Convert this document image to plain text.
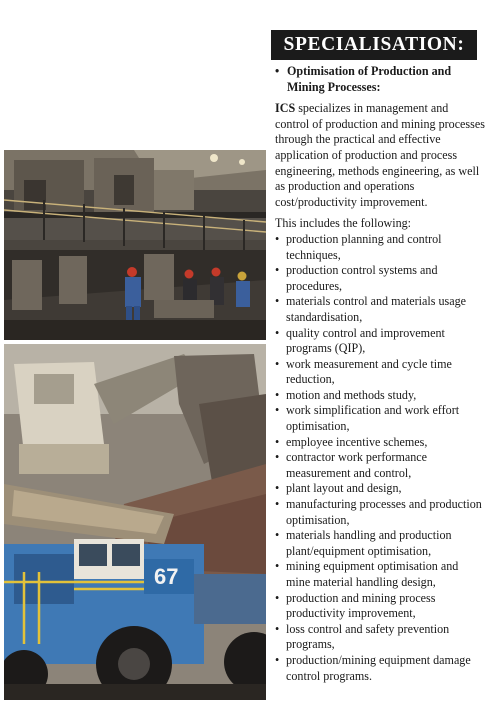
67
SPECIALISATION:
• Optimisation of Production and Mining Processes:
ICS specializes in management and control of production and mining processes through the practical and effective application of production and process engineering, methods engineering, as well as production and operations cost/productivity improvement.
This includes the following:
• production planning and control techniques,
• production control systems and procedures,
• materials control and materials usage standardisation,
• quality control and improvement programs (QIP),
• work measurement and cycle time reduction,
• motion and methods study,
• work simplification and work effort optimisation,
• employee incentive schemes,
• contractor work performance measurement and control,
• plant layout and design,
• manufacturing processes and production optimisation,
• materials handling and production plant/equipment optimisation,
• mining equipment optimisation and mine material handling design,
• production and mining process productivity improvement,
• loss control and safety prevention programs,
• production/mining equipment damage control programs.
